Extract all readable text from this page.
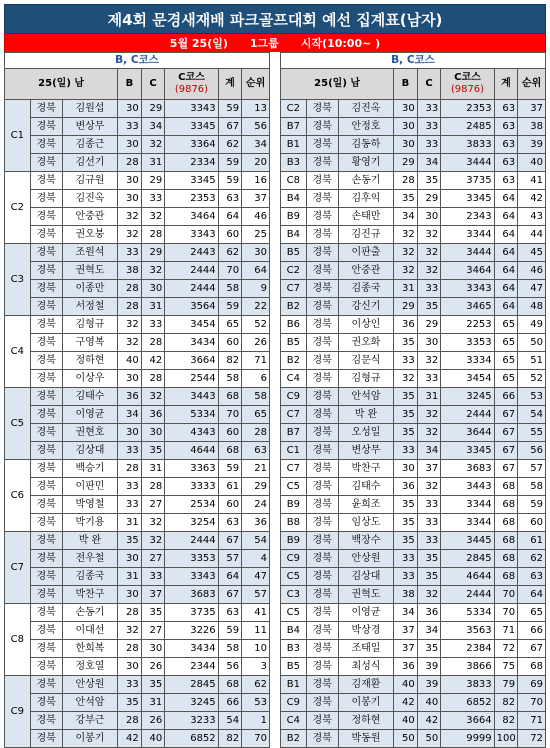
제4회 문경새재배 파크골프대회 예선 집계표(남자)
5월 25(일) 1그룹 시작(10:00~ )
B, C코스							
25(일) 남			B	C	C코스
(9876)	계	순위
C1	경북	김원섭	30	29	3343	59	13
	경북	변상무	33	34	3345	67	56
	경북	김종근	30	32	3364	62	34
	경북	김선기	28	31	2334	59	20
C2	경북	김규원	30	29	3345	59	16
	경북	김진옥	30	33	2353	63	37
	경북	안중관	32	32	3464	64	46
	경북	권오붕	32	28	3343	60	25
C3	경북	조원석	33	29	2443	62	30
	경북	권혁도	38	32	2444	70	64
	경북	이종만	28	30	2444	58	9
	경북	서정철	28	31	3564	59	22
C4	경북	김형규	32	33	3454	65	52
	경북	구영복	32	28	3434	60	26
	경북	정하현	40	42	3664	82	71
	경북	이상우	30	28	2544	58	6
C5	경북	김태수	36	32	3443	68	58
	경북	이영균	34	36	5334	70	65
	경북	권현호	30	30	4343	60	28
	경북	김상대	33	35	4644	68	63
C6	경북	백승기	28	31	3363	59	21
	경북	이판민	33	28	3333	61	29
	경북	박영철	33	27	2534	60	24
	경북	박기용	31	32	3254	63	36
C7	경북	박 완	35	32	2444	67	54
	경북	전우철	30	27	3353	57	4
	경북	김종국	31	33	3343	64	47
	경북	박찬구	30	37	3683	67	57
C8	경북	손동기	28	35	3735	63	41
	경북	이대선	32	27	3226	59	11
	경북	한희복	28	30	3434	58	10
	경북	정호열	30	26	2344	56	3
C9	경북	안상원	33	35	2845	68	62
	경북	안석암	35	31	3245	66	53
	경북	강부근	28	26	3233	54	1
	경북	이봉기	42	40	6852	82	70
B, C코스							
25(일) 남			B	C	C코스
(9876)	계	순위
C2	경북	김진옥	30	33	2353	63	37
B7	경북	안정호	30	33	2485	63	38
B1	경북	김동하	30	33	3833	63	39
B3	경북	황영기	29	34	3444	63	40
C8	경북	손동기	28	35	3735	63	41
B4	경북	김후익	35	29	3345	64	42
B9	경북	손태만	34	30	2343	64	43
B4	경북	김진규	32	32	3344	64	44
B5	경북	이판출	32	32	3444	64	45
C2	경북	안중관	32	32	3464	64	46
C7	경북	김종국	31	33	3343	64	47
B2	경북	강신기	29	35	3465	64	48
B6	경북	이상인	36	29	2253	65	49
B5	경북	권오화	35	30	3353	65	50
B2	경북	김문식	33	32	3334	65	51
C4	경북	김형규	32	33	3454	65	52
C9	경북	안석암	35	31	3245	66	53
C7	경북	박 완	35	32	2444	67	54
B7	경북	오성일	35	32	3644	67	55
C1	경북	변상무	33	34	3345	67	56
C7	경북	박찬구	30	37	3683	67	57
C5	경북	김태수	36	32	3443	68	58
B9	경북	윤희조	35	33	3344	68	59
B8	경북	임상도	35	33	3344	68	60
B9	경북	백장수	35	33	3445	68	61
C9	경북	안상원	33	35	2845	68	62
C5	경북	김상대	33	35	4644	68	63
C3	경북	권혁도	38	32	2444	70	64
C5	경북	이영균	34	36	5334	70	65
B4	경북	박상경	37	34	3563	71	66
B3	경북	조태일	37	35	2384	72	67
B5	경북	최성식	36	39	3866	75	68
B1	경북	김재환	40	39	3833	79	69
C9	경북	이봉기	42	40	6852	82	70
C4	경북	정하현	40	42	3664	82	71
B2	경북	박동원	50	50	9999	100	72
